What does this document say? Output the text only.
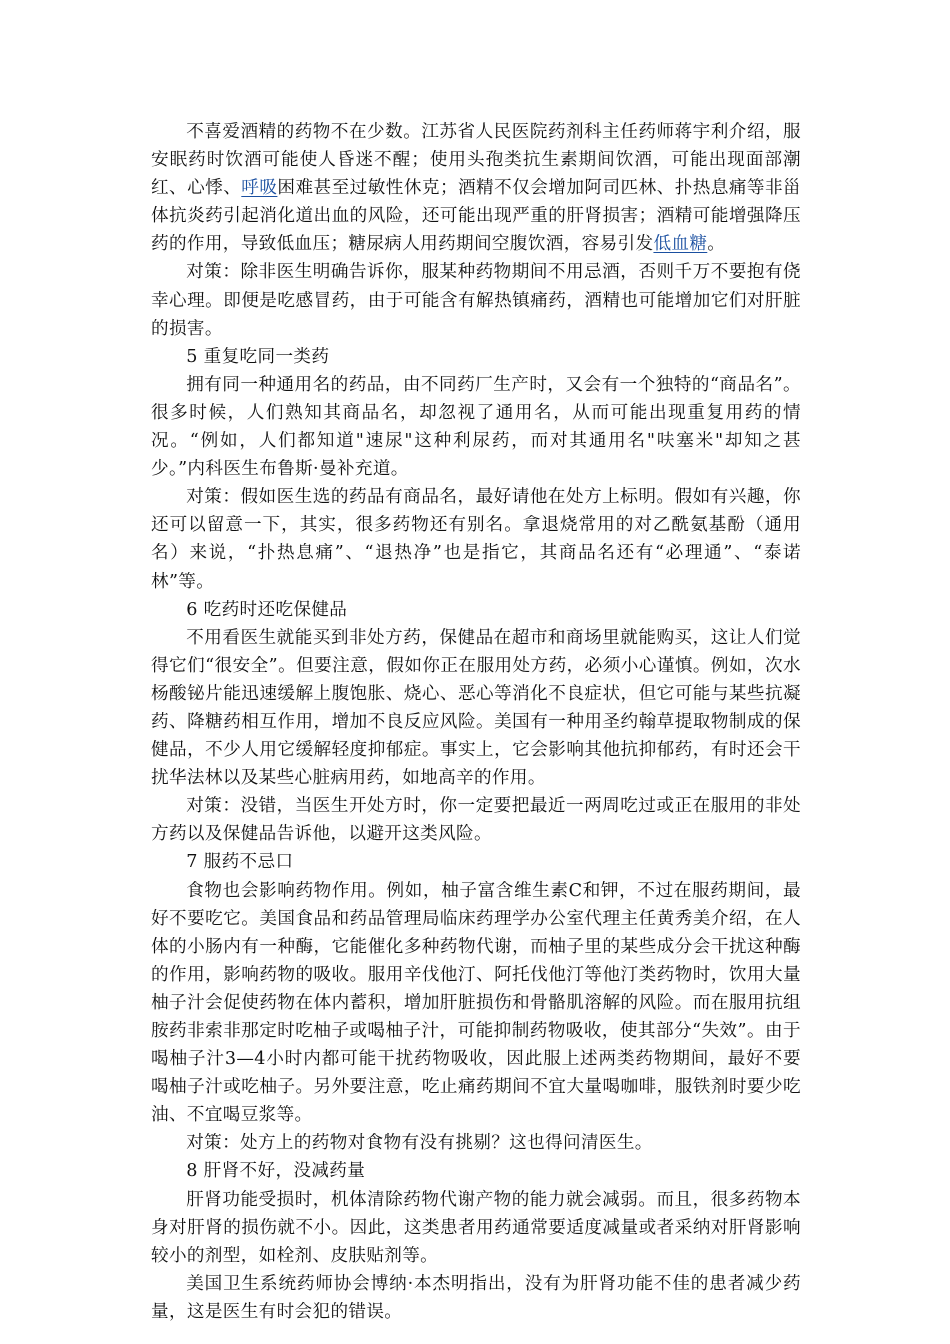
不喜爱酒精的药物不在少数。江苏省人民医院药剂科主任药师蒋宇利介绍，服安眠药时饮酒可能使人昏迷不醒；使用头孢类抗生素期间饮酒，可能出现面部潮红、心悸、呼吸困难甚至过敏性休克；酒精不仅会增加阿司匹林、扑热息痛等非甾体抗炎药引起消化道出血的风险，还可能出现严重的肝肾损害；酒精可能增强降压药的作用，导致低血压；糖尿病人用药期间空腹饮酒，容易引发低血糖。

对策：除非医生明确告诉你，服某种药物期间不用忌酒，否则千万不要抱有侥幸心理。即便是吃感冒药，由于可能含有解热镇痛药，酒精也可能增加它们对肝脏的损害。

5 重复吃同一类药

拥有同一种通用名的药品，由不同药厂生产时，又会有一个独特的“商品名”。很多时候，人们熟知其商品名，却忽视了通用名，从而可能出现重复用药的情况。“例如，人们都知道"速尿"这种利尿药，而对其通用名"呋塞米"却知之甚少。”内科医生布鲁斯·曼补充道。

对策：假如医生选的药品有商品名，最好请他在处方上标明。假如有兴趣，你还可以留意一下，其实，很多药物还有别名。拿退烧常用的对乙酰氨基酚（通用名）来说，“扑热息痛”、“退热净”也是指它，其商品名还有“必理通”、“泰诺林”等。

6 吃药时还吃保健品

不用看医生就能买到非处方药，保健品在超市和商场里就能购买，这让人们觉得它们“很安全”。但要注意，假如你正在服用处方药，必须小心谨慎。例如，次水杨酸铋片能迅速缓解上腹饱胀、烧心、恶心等消化不良症状，但它可能与某些抗凝药、降糖药相互作用，增加不良反应风险。美国有一种用圣约翰草提取物制成的保健品，不少人用它缓解轻度抑郁症。事实上，它会影响其他抗抑郁药，有时还会干扰华法林以及某些心脏病用药，如地高辛的作用。

对策：没错，当医生开处方时，你一定要把最近一两周吃过或正在服用的非处方药以及保健品告诉他，以避开这类风险。

7 服药不忌口

食物也会影响药物作用。例如，柚子富含维生素C和钾，不过在服药期间，最好不要吃它。美国食品和药品管理局临床药理学办公室代理主任黄秀美介绍，在人体的小肠内有一种酶，它能催化多种药物代谢，而柚子里的某些成分会干扰这种酶的作用，影响药物的吸收。服用辛伐他汀、阿托伐他汀等他汀类药物时，饮用大量柚子汁会促使药物在体内蓄积，增加肝脏损伤和骨骼肌溶解的风险。而在服用抗组胺药非索非那定时吃柚子或喝柚子汁，可能抑制药物吸收，使其部分“失效”。由于喝柚子汁3—4小时内都可能干扰药物吸收，因此服上述两类药物期间，最好不要喝柚子汁或吃柚子。另外要注意，吃止痛药期间不宜大量喝咖啡，服铁剂时要少吃油、不宜喝豆浆等。

对策：处方上的药物对食物有没有挑剔？这也得问清医生。

8 肝肾不好，没减药量

肝肾功能受损时，机体清除药物代谢产物的能力就会减弱。而且，很多药物本身对肝肾的损伤就不小。因此，这类患者用药通常要适度减量或者采纳对肝肾影响较小的剂型，如栓剂、皮肤贴剂等。

美国卫生系统药师协会博纳·本杰明指出，没有为肝肾功能不佳的患者减少药量，这是医生有时会犯的错误。
